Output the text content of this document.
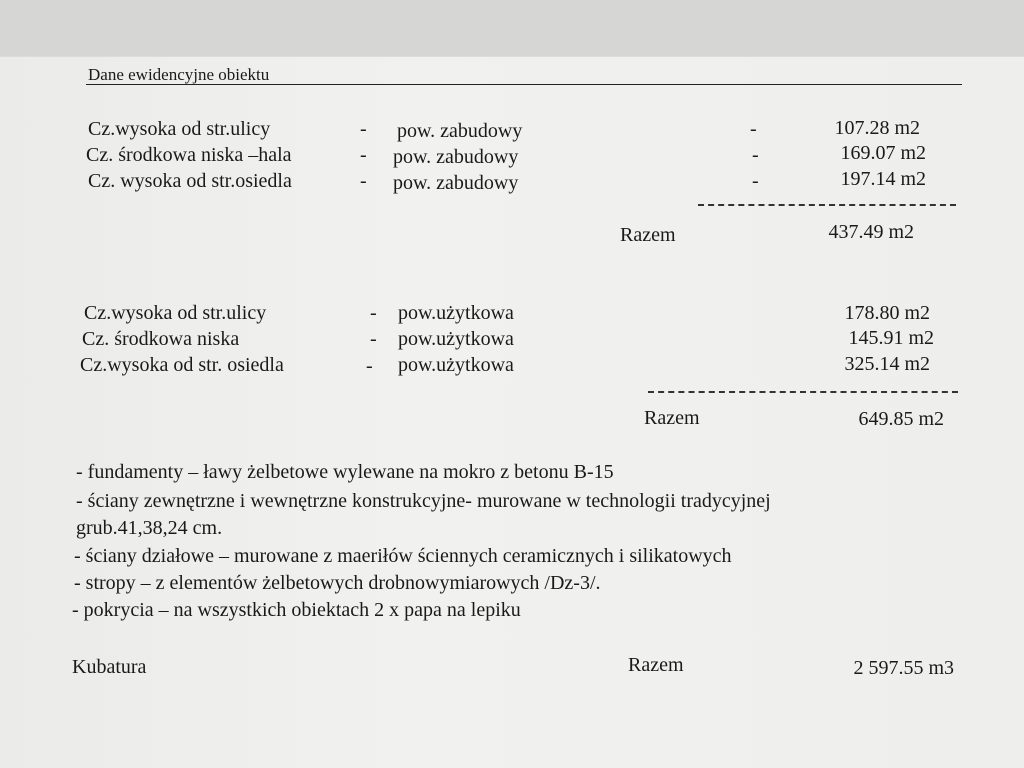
Dane ewidencyjne obiektu
Cz.wysoka od str.ulicy	- pow. zabudowy	-	107.28 m2
Cz. środkowa niska –hala	- pow. zabudowy	-	169.07 m2
Cz. wysoka od str.osiedla	- pow. zabudowy	-	197.14 m2
Razem	437.49 m2
Cz.wysoka od str.ulicy	- pow.użytkowa	178.80 m2
Cz. środkowa niska	- pow.użytkowa	145.91 m2
Cz.wysoka od str. osiedla	- pow.użytkowa	325.14 m2
Razem	649.85 m2
- fundamenty – ławy żelbetowe wylewane na mokro z betonu B-15
- ściany zewnętrzne i wewnętrzne konstrukcyjne- murowane w technologii tradycyjnej
grub.41,38,24 cm.
- ściany działowe – murowane z maeriłów ściennych ceramicznych i silikatowych
- stropy – z elementów żelbetowych drobnowymiarowych /Dz-3/.
- pokrycia – na wszystkich obiektach 2 x papa na lepiku
Kubatura	Razem	2 597.55 m3
